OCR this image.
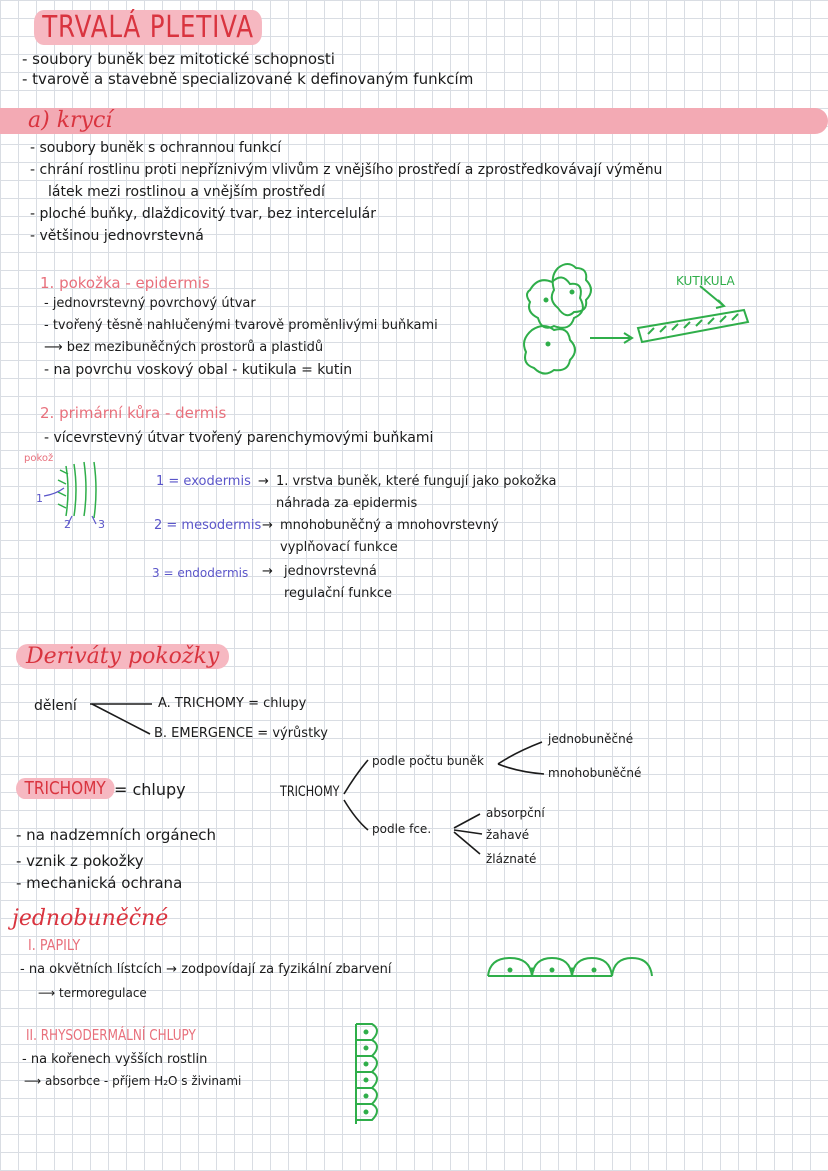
TRVALÁ PLETIVA
- soubory buněk bez mitotické schopnosti
- tvarově a stavebně specializované k definovaným funkcím
a) krycí
- soubory buněk s ochrannou funkcí
- chrání rostlinu proti nepříznivým vlivům z vnějšího prostředí a zprostředkovávají výměnu
látek mezi rostlinou a vnějším prostředí
- ploché buňky, dlaždicovitý tvar, bez intercelulár
- většinou jednovrstevná
1. pokožka - epidermis
- jednovrstevný povrchový útvar
- tvořený těsně nahlučenými tvarově proměnlivými buňkami
⟶ bez mezibuněčných prostorů a plastidů
- na povrchu voskový obal - kutikula = kutin
KUTIKULA
2. primární kůra - dermis
- vícevrstevný útvar tvořený parenchymovými buňkami
pokož
1
2 3
1 = exodermis → 1. vrstva buněk, které fungují jako pokožka
náhrada za epidermis
2 = mesodermis → mnohobuněčný a mnohovrstevný
vyplňovací funkce
3 = endodermis → jednovrstevná
regulační funkce
Deriváty pokožky
dělení	A. TRICHOMY = chlupy
B. EMERGENCE = výrůstky
TRICHOMY = chlupy	TRICHOMY
podle počtu buněk
jednobuněčné
mnohobuněčné
podle fce.
absorpční
žahavé
žláznaté
- na nadzemních orgánech
- vznik z pokožky
- mechanická ochrana
jednobuněčné
I. PAPILY
- na okvětních lístcích → zodpovídají za fyzikální zbarvení
⟶ termoregulace
II. RHYSODERMÁLNÍ CHLUPY
- na kořenech vyšších rostlin
⟶ absorbce - příjem H₂O s živinami
